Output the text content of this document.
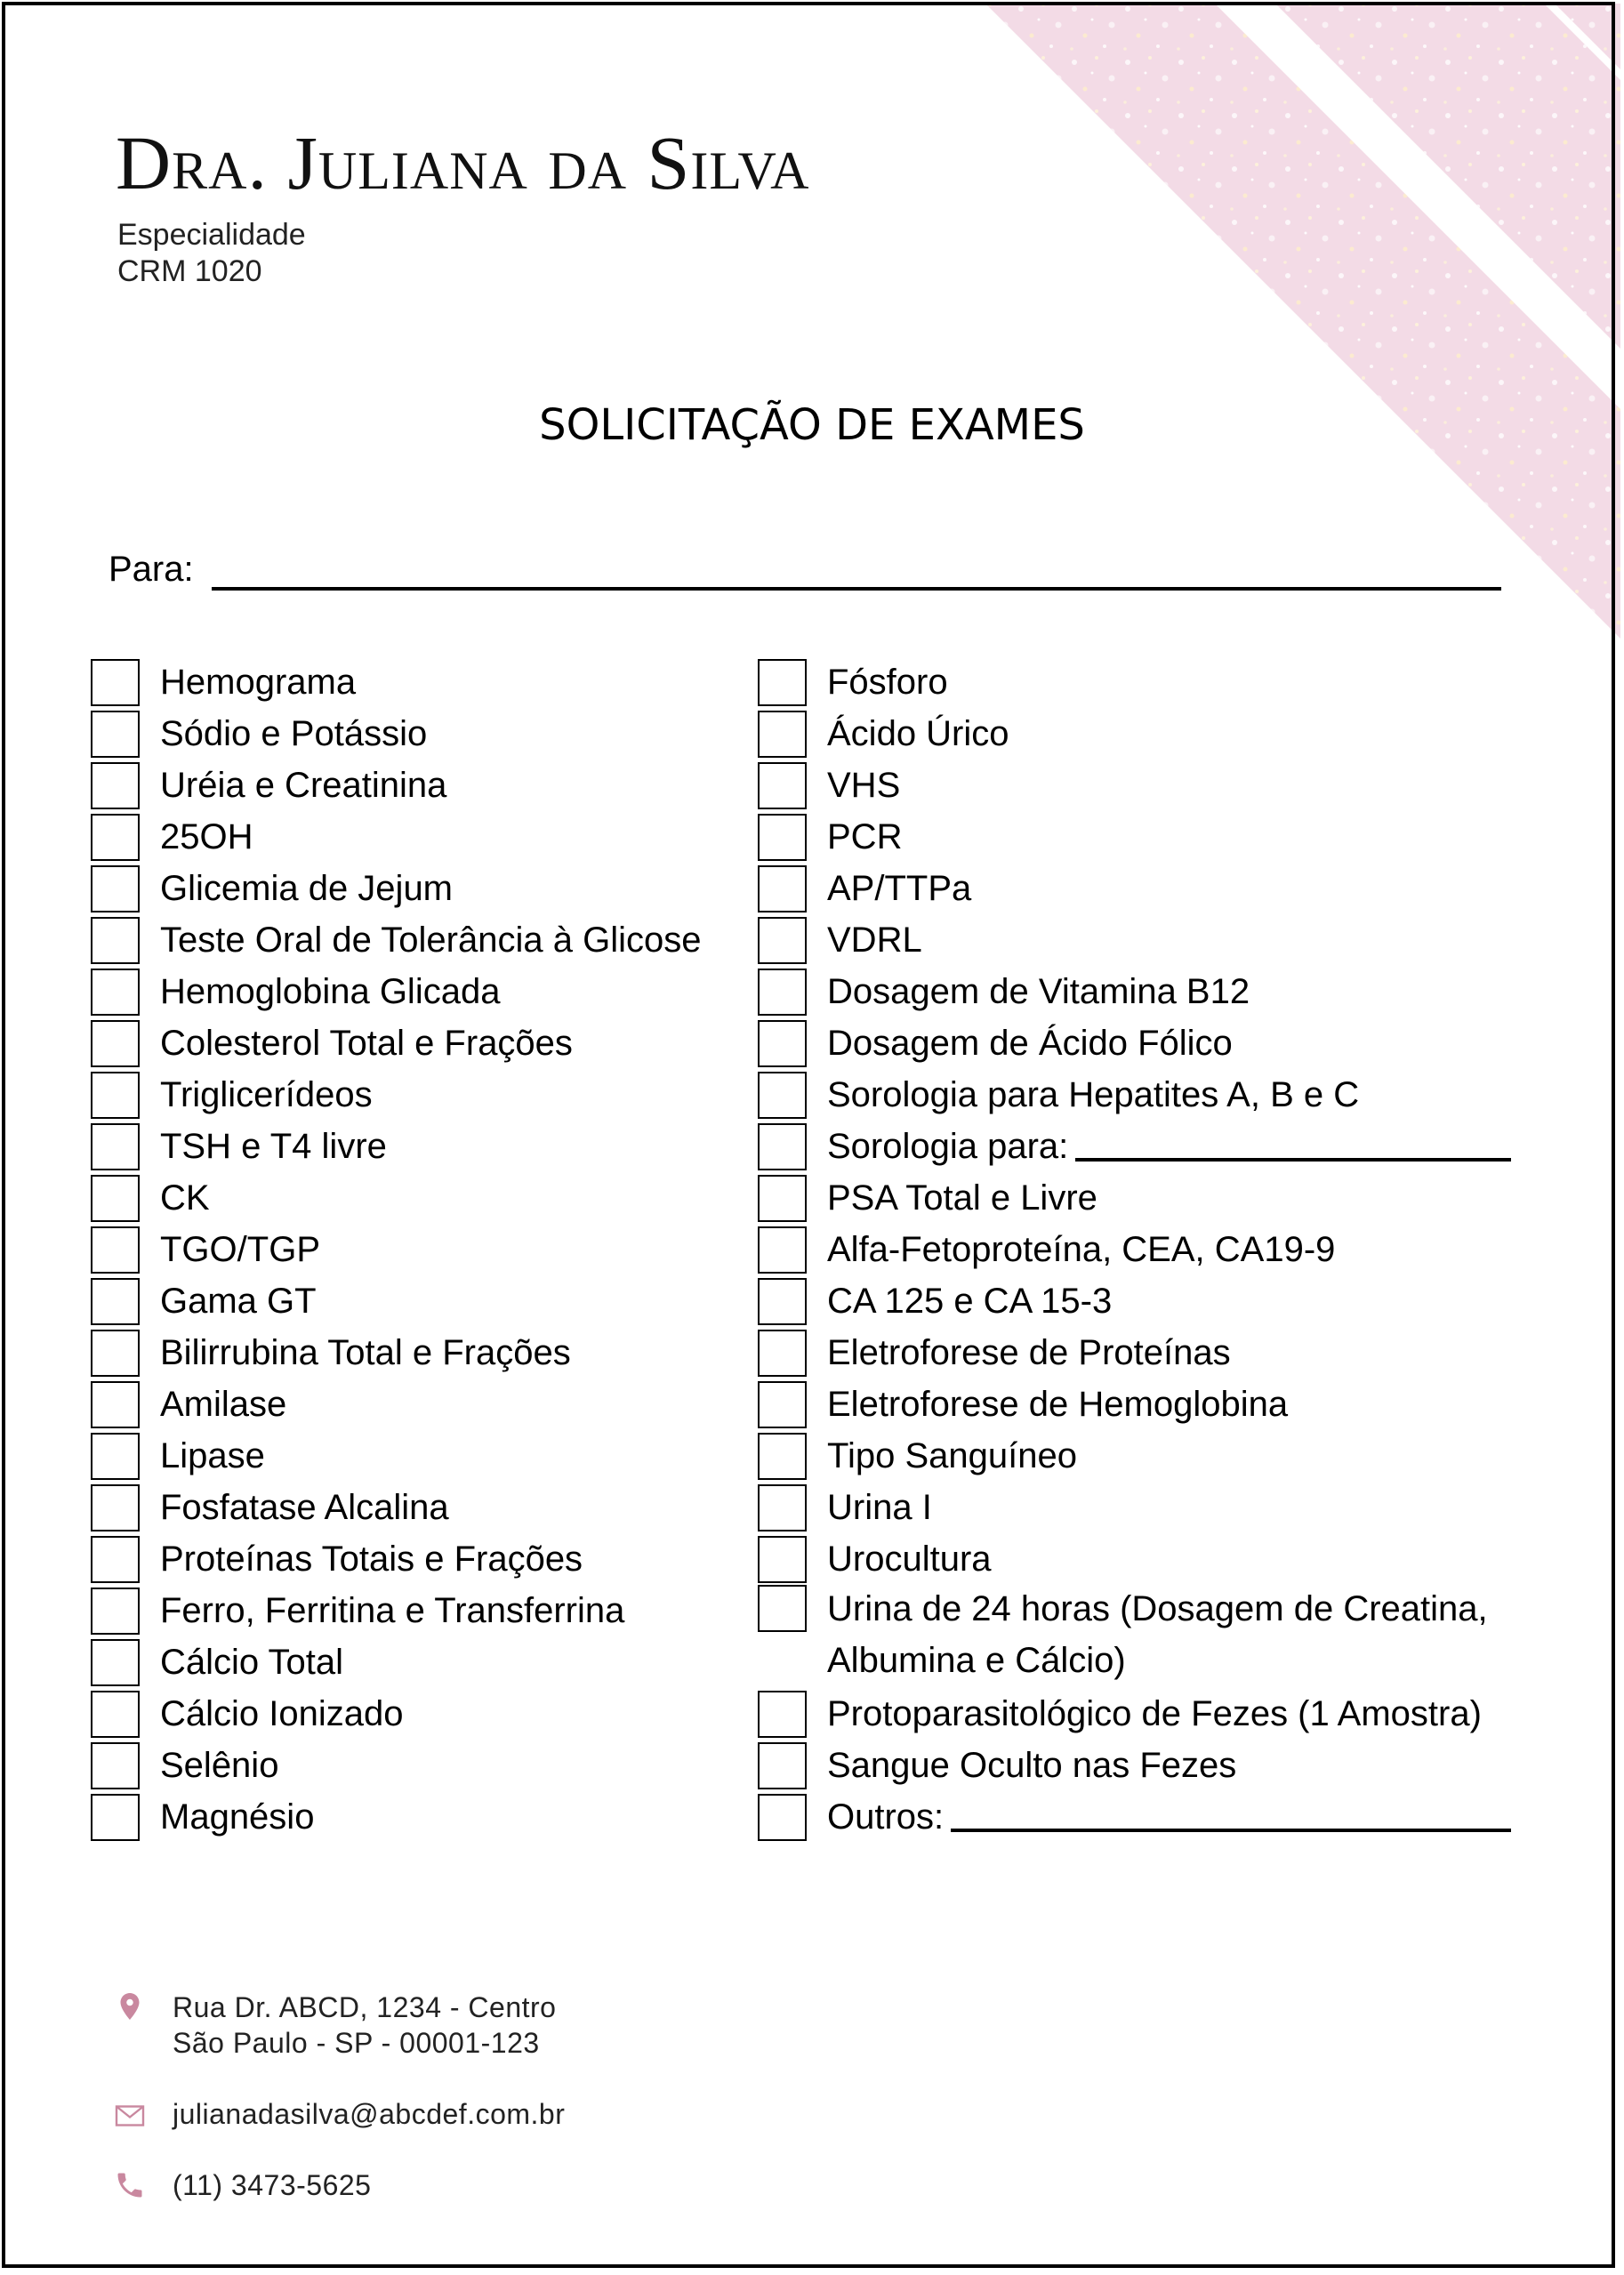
Dra. Juliana da Silva
Especialidade
CRM 1020
SOLICITAÇÃO DE EXAMES
Para:
Hemograma
Sódio e Potássio
Uréia e Creatinina
25OH
Glicemia de Jejum
Teste Oral de Tolerância à Glicose
Hemoglobina Glicada
Colesterol Total e Frações
Triglicerídeos
TSH e T4 livre
CK
TGO/TGP
Gama GT
Bilirrubina Total e Frações
Amilase
Lipase
Fosfatase Alcalina
Proteínas Totais e Frações
Ferro, Ferritina e Transferrina
Cálcio Total
Cálcio Ionizado
Selênio
Magnésio
Fósforo
Ácido Úrico
VHS
PCR
AP/TTPa
VDRL
Dosagem de Vitamina B12
Dosagem de Ácido Fólico
Sorologia para Hepatites A, B e C
Sorologia para:
PSA Total e Livre
Alfa-Fetoproteína, CEA, CA19-9
CA 125 e CA 15-3
Eletroforese de Proteínas
Eletroforese de Hemoglobina
Tipo Sanguíneo
Urina I
Urocultura
Urina de 24 horas (Dosagem de Creatina,
Albumina e Cálcio)
Protoparasitológico de Fezes (1 Amostra)
Sangue Oculto nas Fezes
Outros:
Rua Dr. ABCD, 1234 - Centro
São Paulo - SP - 00001-123
julianadasilva@abcdef.com.br
(11) 3473-5625
